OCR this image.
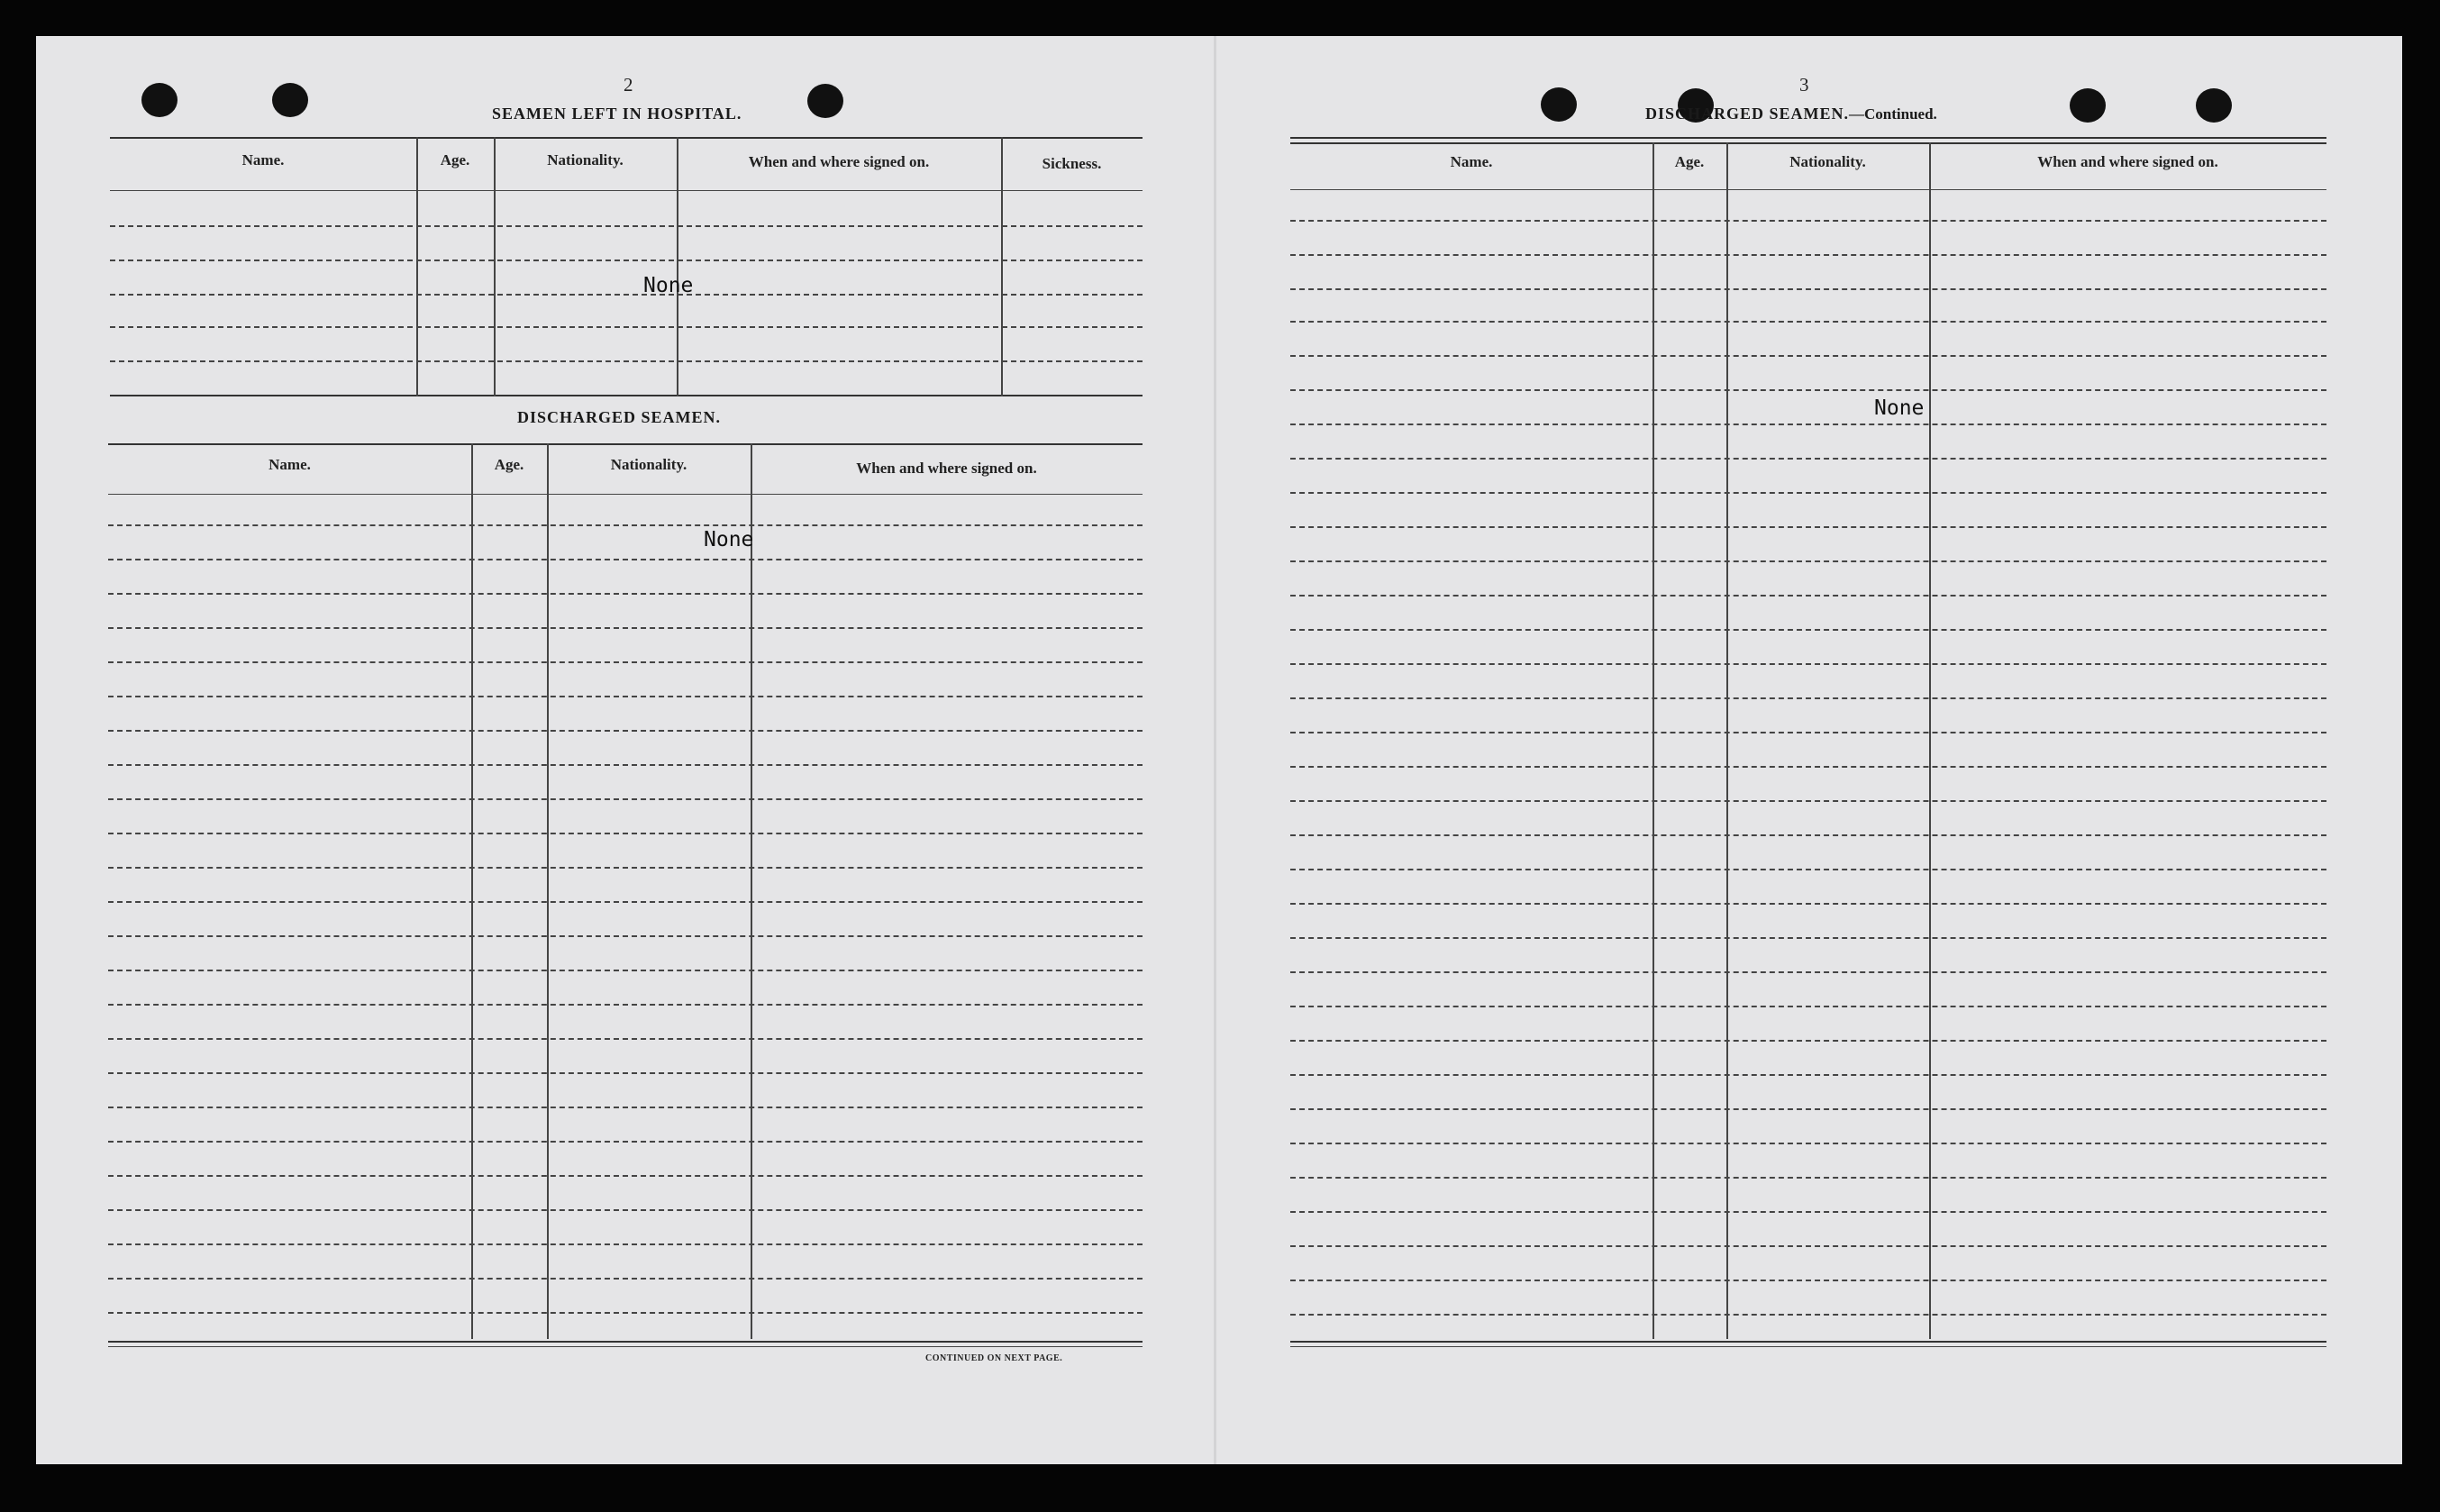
2
SEAMEN LEFT IN HOSPITAL.
Name.	Age.	Nationality.	When and where signed on.	Sickness.
None
DISCHARGED SEAMEN.
Name.	Age.	Nationality.	When and where signed on.
None
CONTINUED ON NEXT PAGE.
3
DISCHARGED SEAMEN.—Continued.
Name.	Age.	Nationality.	When and where signed on.
None
